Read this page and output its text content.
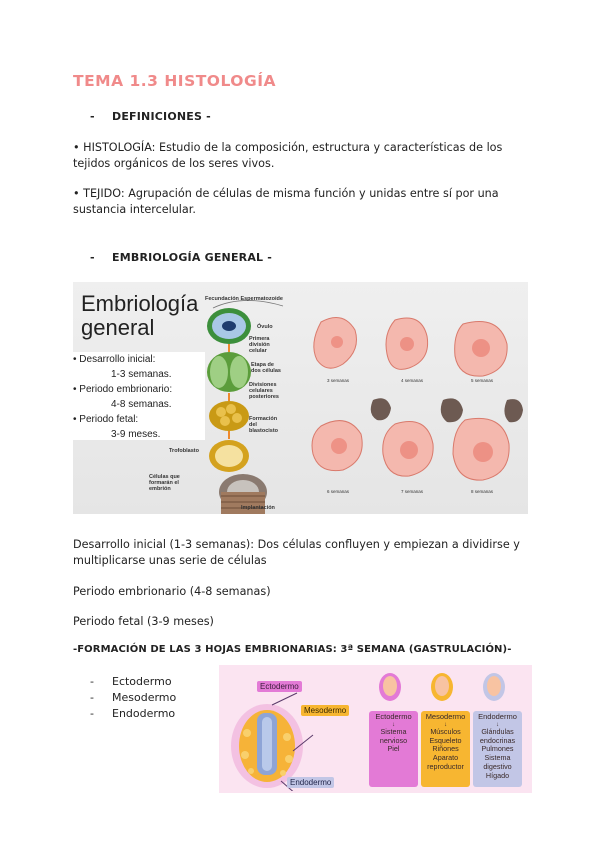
TEMA 1.3 HISTOLOGÍA
- DEFINICIONES -

• HISTOLOGÍA: Estudio de la composición, estructura y características de los tejidos orgánicos de los seres vivos.

• TEJIDO: Agrupación de células de misma función y unidas entre sí por una sustancia intercelular.

- EMBRIOLOGÍA GENERAL -
Embriología
general
Fecundación Espermatozoide
Óvulo
Primera división celular
Etapa de dos células
Divisiones celulares posteriores
Formación del blastocisto
Trofoblasto
Células que formarán el embrión
Implantación
3 semanas	4 semanas	5 semanas
6 semanas	7 semanas	8 semanas
• Desarrollo inicial:
1-3 semanas.
• Periodo embrionario:
4-8 semanas.
• Periodo fetal:
3-9 meses.

Desarrollo inicial (1-3 semanas): Dos células confluyen y empiezan a dividirse y multiplicarse unas serie de células

Periodo embrionario (4-8 semanas)

Periodo fetal (3-9 meses)

-FORMACIÓN DE LAS 3 HOJAS EMBRIONARIAS: 3ª SEMANA (GASTRULACIÓN)-
-	Ectodermo
-	Mesodermo
-	Endodermo
Ectodermo
Mesodermo
Endodermo
Ectodermo
↓
Sistema
nervioso
Piel
Mesodermo
↓
Músculos
Esqueleto
Riñones
Aparato
reproductor
Endodermo
↓
Glándulas
endocrinas
Pulmones
Sistema
digestivo
Hígado
